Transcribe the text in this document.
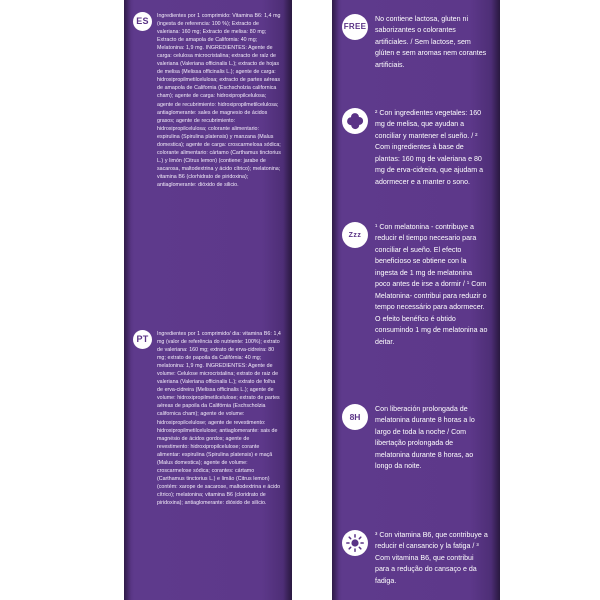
ES	Ingredientes por 1 comprimido: Vitamina B6: 1,4 mg (ingesta de referencia: 100 %); Extracto de valeriana: 160 mg; Extracto de melisa: 80 mg; Extracto de amapola de California: 40 mg; Melatonina: 1,9 mg. INGREDIENTES: Agente de carga: celulosa microcristalina; extracto de raíz de valeriana (Valeriana officinalis L.); extracto de hojas de melisa (Melissa officinalis L.); agente de carga: hidroxipropilmetilcelulosa; extracto de partes aéreas de amapola de California (Eschscholzia californica cham); agente de carga: hidroxipropilcelulosa; agente de recubrimiento: hidroxipropilmetilcelulosa; antiaglomerante: sales de magnesio de ácidos grasos; agente de recubrimiento: hidroxipropilcelulosa; colorante alimentario: espirulina (Spirulina platensis) y manzana (Malus domestica); agente de carga: croscarmelosa sódica; colorante alimentario: cártamo (Carthamus tinctorius L.) y limón (Citrus lemon) (contiene: jarabe de sacarosa, maltodextrina y ácido cítrico); melatonina; vitamina B6 (clorhidrato de piridoxina); antiaglomerante: dióxido de silicio.
PT	Ingredientes por 1 comprimido/ dia: vitamina B6: 1,4 mg (valor de referência do nutriente: 100%); extrato de valeriana: 160 mg; extrato de erva-cidreira: 80 mg; extrato de papoila da Califórnia: 40 mg; melatonina: 1,9 mg. INGREDIENTES: Agente de volume: Celulose microcristalina; extrato de raiz de valeriana (Valeriana officinalis L.); extrato de folha de erva-cidreira (Melissa officinalis L.); agente de volume: hidroxipropilmetilcelulose; extrato de partes aéreas de papoila da Califórnia (Eschscholzia californica cham); agente de volume: hidroxipropilcelulose; agente de revestimento: hidroxipropilmetilcelulose; antiaglomerante: sais de magnésio de ácidos gordos; agente de revestimento: hidroxipropilcelulose; corante alimentar: espirulina (Spirulina platensis) e maçã (Malus domestica); agente de volume: croscarmelose sódica; corantes: cártamo (Carthamus tinctorius L.) e limão (Citrus lemon) (contém: xarope de sacarose, maltodextrina e ácido cítrico); melatonina; vitamina B6 (cloridrato de piridoxina); antiaglomerante: dióxido de silício.
FREE
No contiene lactosa, gluten ni saborizantes o colorantes artificiales. / Sem lactose, sem glúten e sem aromas nem corantes artificiais.
² Con ingredientes vegetales: 160 mg de melisa, que ayudan a conciliar y mantener el sueño. / ² Com ingredientes à base de plantas: 160 mg de valeriana e 80 mg de erva-cidreira, que ajudam a adormecer e a manter o sono.
Zzz
¹ Con melatonina - contribuye a reducir el tiempo necesario para conciliar el sueño. El efecto beneficioso se obtiene con la ingesta de 1 mg de melatonina poco antes de irse a dormir / ¹ Com Melatonina- contribui para reduzir o tempo necessário para adormecer. O efeito benéfico é obtido consumindo 1 mg de melatonina ao deitar.
8H
Con liberación prolongada de melatonina durante 8 horas a lo largo de toda la noche / Com libertação prolongada de melatonina durante 8 horas, ao longo da noite.
³ Con vitamina B6, que contribuye a reducir el cansancio y la fatiga / ³ Com vitamina B6, que contribui para a redução do cansaço e da fadiga.
